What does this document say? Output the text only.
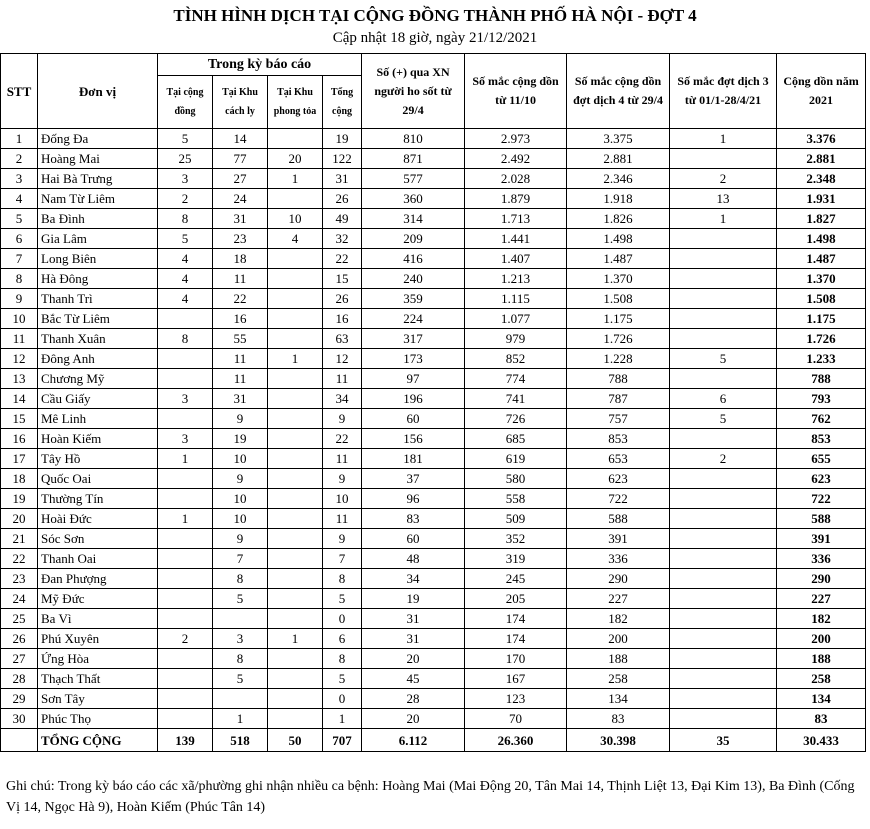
TÌNH HÌNH DỊCH TẠI CỘNG ĐỒNG THÀNH PHỐ HÀ NỘI - ĐỢT 4
Cập nhật 18 giờ, ngày 21/12/2021
STT	Đơn vị	Trong kỳ báo cáo				Số (+) qua XN người ho sốt từ 29/4	Số mắc cộng dồn từ 11/10	Số mắc cộng dồn đợt dịch 4 từ 29/4	Số mắc đợt dịch 3 từ 01/1-28/4/21	Cộng dồn năm 2021
		Tại cộng đồng	Tại Khu cách ly	Tại Khu phong tỏa	Tổng cộng					
1	Đống Đa	5	14		19	810	2.973	3.375	1	3.376
2	Hoàng Mai	25	77	20	122	871	2.492	2.881		2.881
3	Hai Bà Trưng	3	27	1	31	577	2.028	2.346	2	2.348
4	Nam Từ Liêm	2	24		26	360	1.879	1.918	13	1.931
5	Ba Đình	8	31	10	49	314	1.713	1.826	1	1.827
6	Gia Lâm	5	23	4	32	209	1.441	1.498		1.498
7	Long Biên	4	18		22	416	1.407	1.487		1.487
8	Hà Đông	4	11		15	240	1.213	1.370		1.370
9	Thanh Trì	4	22		26	359	1.115	1.508		1.508
10	Bắc Từ Liêm		16		16	224	1.077	1.175		1.175
11	Thanh Xuân	8	55		63	317	979	1.726		1.726
12	Đông Anh		11	1	12	173	852	1.228	5	1.233
13	Chương Mỹ		11		11	97	774	788		788
14	Cầu Giấy	3	31		34	196	741	787	6	793
15	Mê Linh		9		9	60	726	757	5	762
16	Hoàn Kiếm	3	19		22	156	685	853		853
17	Tây Hồ	1	10		11	181	619	653	2	655
18	Quốc Oai		9		9	37	580	623		623
19	Thường Tín		10		10	96	558	722		722
20	Hoài Đức	1	10		11	83	509	588		588
21	Sóc Sơn		9		9	60	352	391		391
22	Thanh Oai		7		7	48	319	336		336
23	Đan Phượng		8		8	34	245	290		290
24	Mỹ Đức		5		5	19	205	227		227
25	Ba Vì				0	31	174	182		182
26	Phú Xuyên	2	3	1	6	31	174	200		200
27	Ứng Hòa		8		8	20	170	188		188
28	Thạch Thất		5		5	45	167	258		258
29	Sơn Tây				0	28	123	134		134
30	Phúc Thọ		1		1	20	70	83		83
	TỔNG CỘNG	139	518	50	707	6.112	26.360	30.398	35	30.433
Ghi chú: Trong kỳ báo cáo các xã/phường ghi nhận nhiều ca bệnh: Hoàng Mai (Mai Động 20, Tân Mai 14, Thịnh Liệt 13, Đại Kim 13), Ba Đình (Cống Vị 14, Ngọc Hà 9), Hoàn Kiếm (Phúc Tân 14)
